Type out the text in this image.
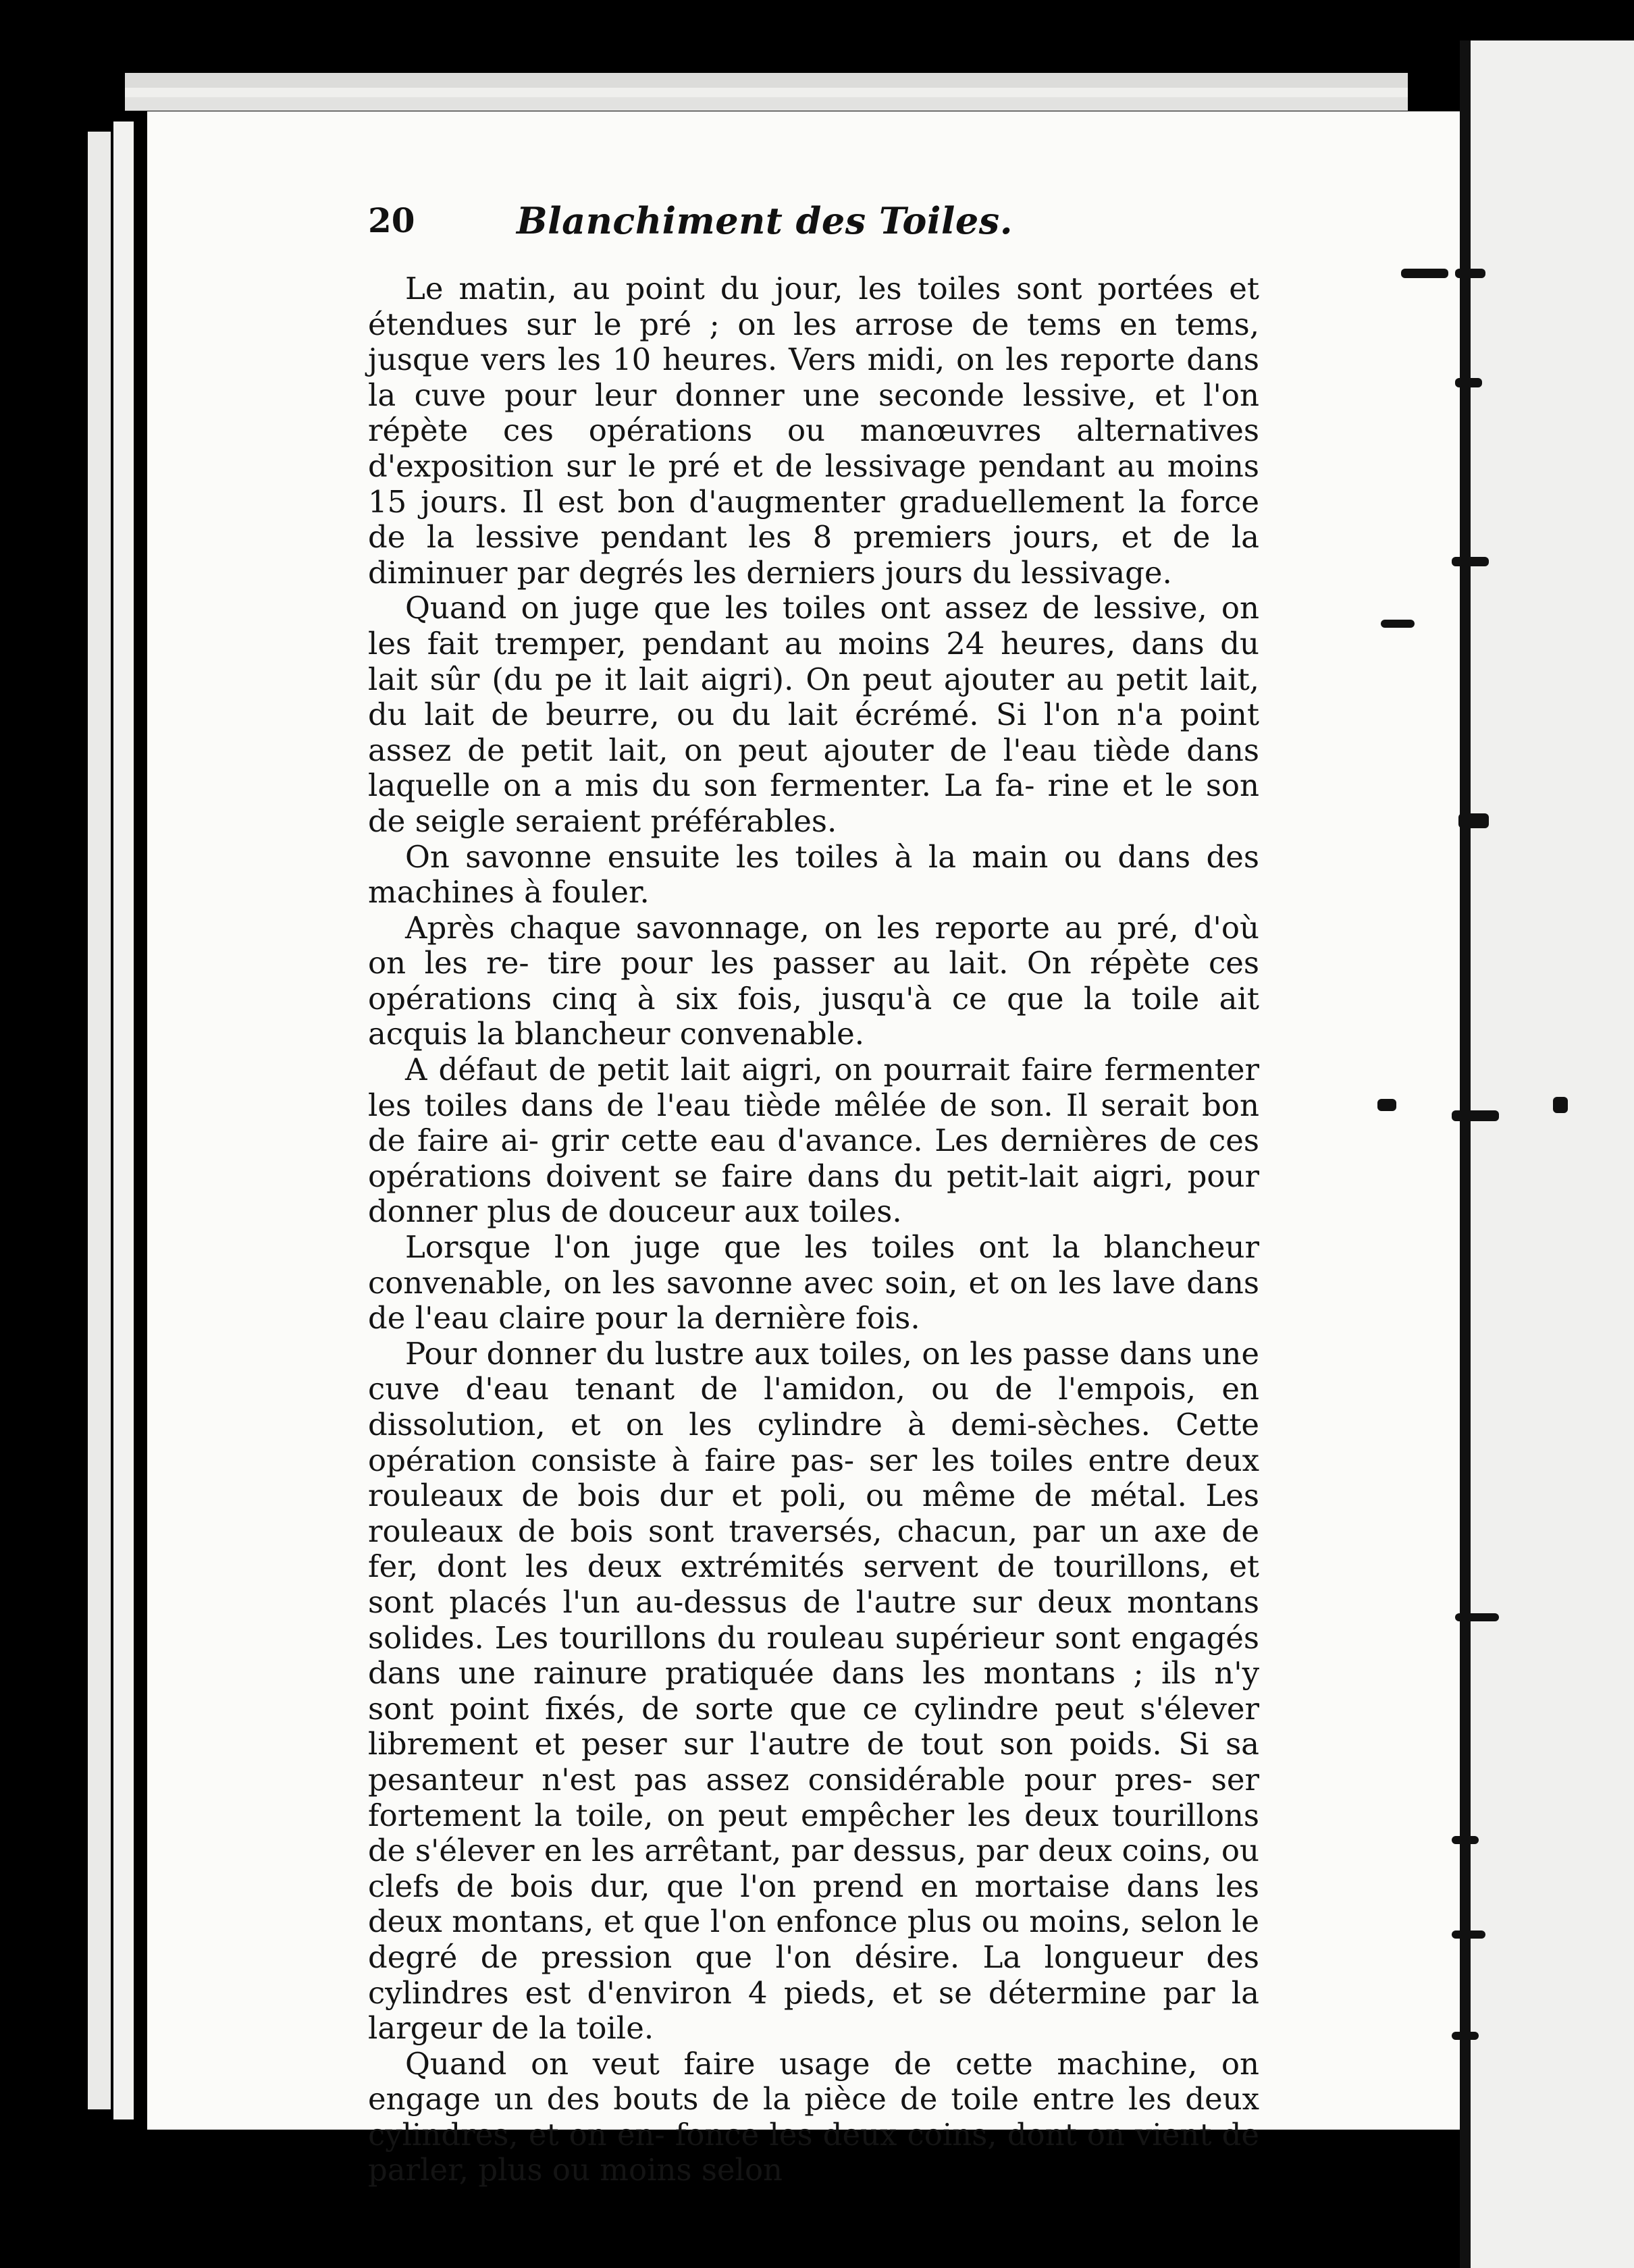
20	Blanchiment des Toiles.

Le matin, au point du jour, les toiles sont portées et étendues sur le pré ; on les arrose de tems en tems, jusque vers les 10 heures. Vers midi, on les reporte dans la cuve pour leur donner une seconde lessive, et l'on répète ces opérations ou manœuvres alternatives d'exposition sur le pré et de lessivage pendant au moins 15 jours. Il est bon d'augmenter graduellement la force de la lessive pendant les 8 premiers jours, et de la diminuer par degrés les derniers jours du lessivage.

Quand on juge que les toiles ont assez de lessive, on les fait tremper, pendant au moins 24 heures, dans du lait sûr (du pe it lait aigri). On peut ajouter au petit lait, du lait de beurre, ou du lait écrémé. Si l'on n'a point assez de petit lait, on peut ajouter de l'eau tiède dans laquelle on a mis du son fermenter. La fa- rine et le son de seigle seraient préférables.

On savonne ensuite les toiles à la main ou dans des machines à fouler.

Après chaque savonnage, on les reporte au pré, d'où on les re- tire pour les passer au lait. On répète ces opérations cinq à six fois, jusqu'à ce que la toile ait acquis la blancheur convenable.

A défaut de petit lait aigri, on pourrait faire fermenter les toiles dans de l'eau tiède mêlée de son. Il serait bon de faire ai- grir cette eau d'avance. Les dernières de ces opérations doivent se faire dans du petit-lait aigri, pour donner plus de douceur aux toiles.

Lorsque l'on juge que les toiles ont la blancheur convenable, on les savonne avec soin, et on les lave dans de l'eau claire pour la dernière fois.

Pour donner du lustre aux toiles, on les passe dans une cuve d'eau tenant de l'amidon, ou de l'empois, en dissolution, et on les cylindre à demi-sèches. Cette opération consiste à faire pas- ser les toiles entre deux rouleaux de bois dur et poli, ou même de métal. Les rouleaux de bois sont traversés, chacun, par un axe de fer, dont les deux extrémités servent de tourillons, et sont placés l'un au-dessus de l'autre sur deux montans solides. Les tourillons du rouleau supérieur sont engagés dans une rainure pratiquée dans les montans ; ils n'y sont point fixés, de sorte que ce cylindre peut s'élever librement et peser sur l'autre de tout son poids. Si sa pesanteur n'est pas assez considérable pour pres- ser fortement la toile, on peut empêcher les deux tourillons de s'élever en les arrêtant, par dessus, par deux coins, ou clefs de bois dur, que l'on prend en mortaise dans les deux montans, et que l'on enfonce plus ou moins, selon le degré de pression que l'on désire. La longueur des cylindres est d'environ 4 pieds, et se détermine par la largeur de la toile.

Quand on veut faire usage de cette machine, on engage un des bouts de la pièce de toile entre les deux cylindres, et on en- fonce les deux coins, dont on vient de parler, plus ou moins selon
